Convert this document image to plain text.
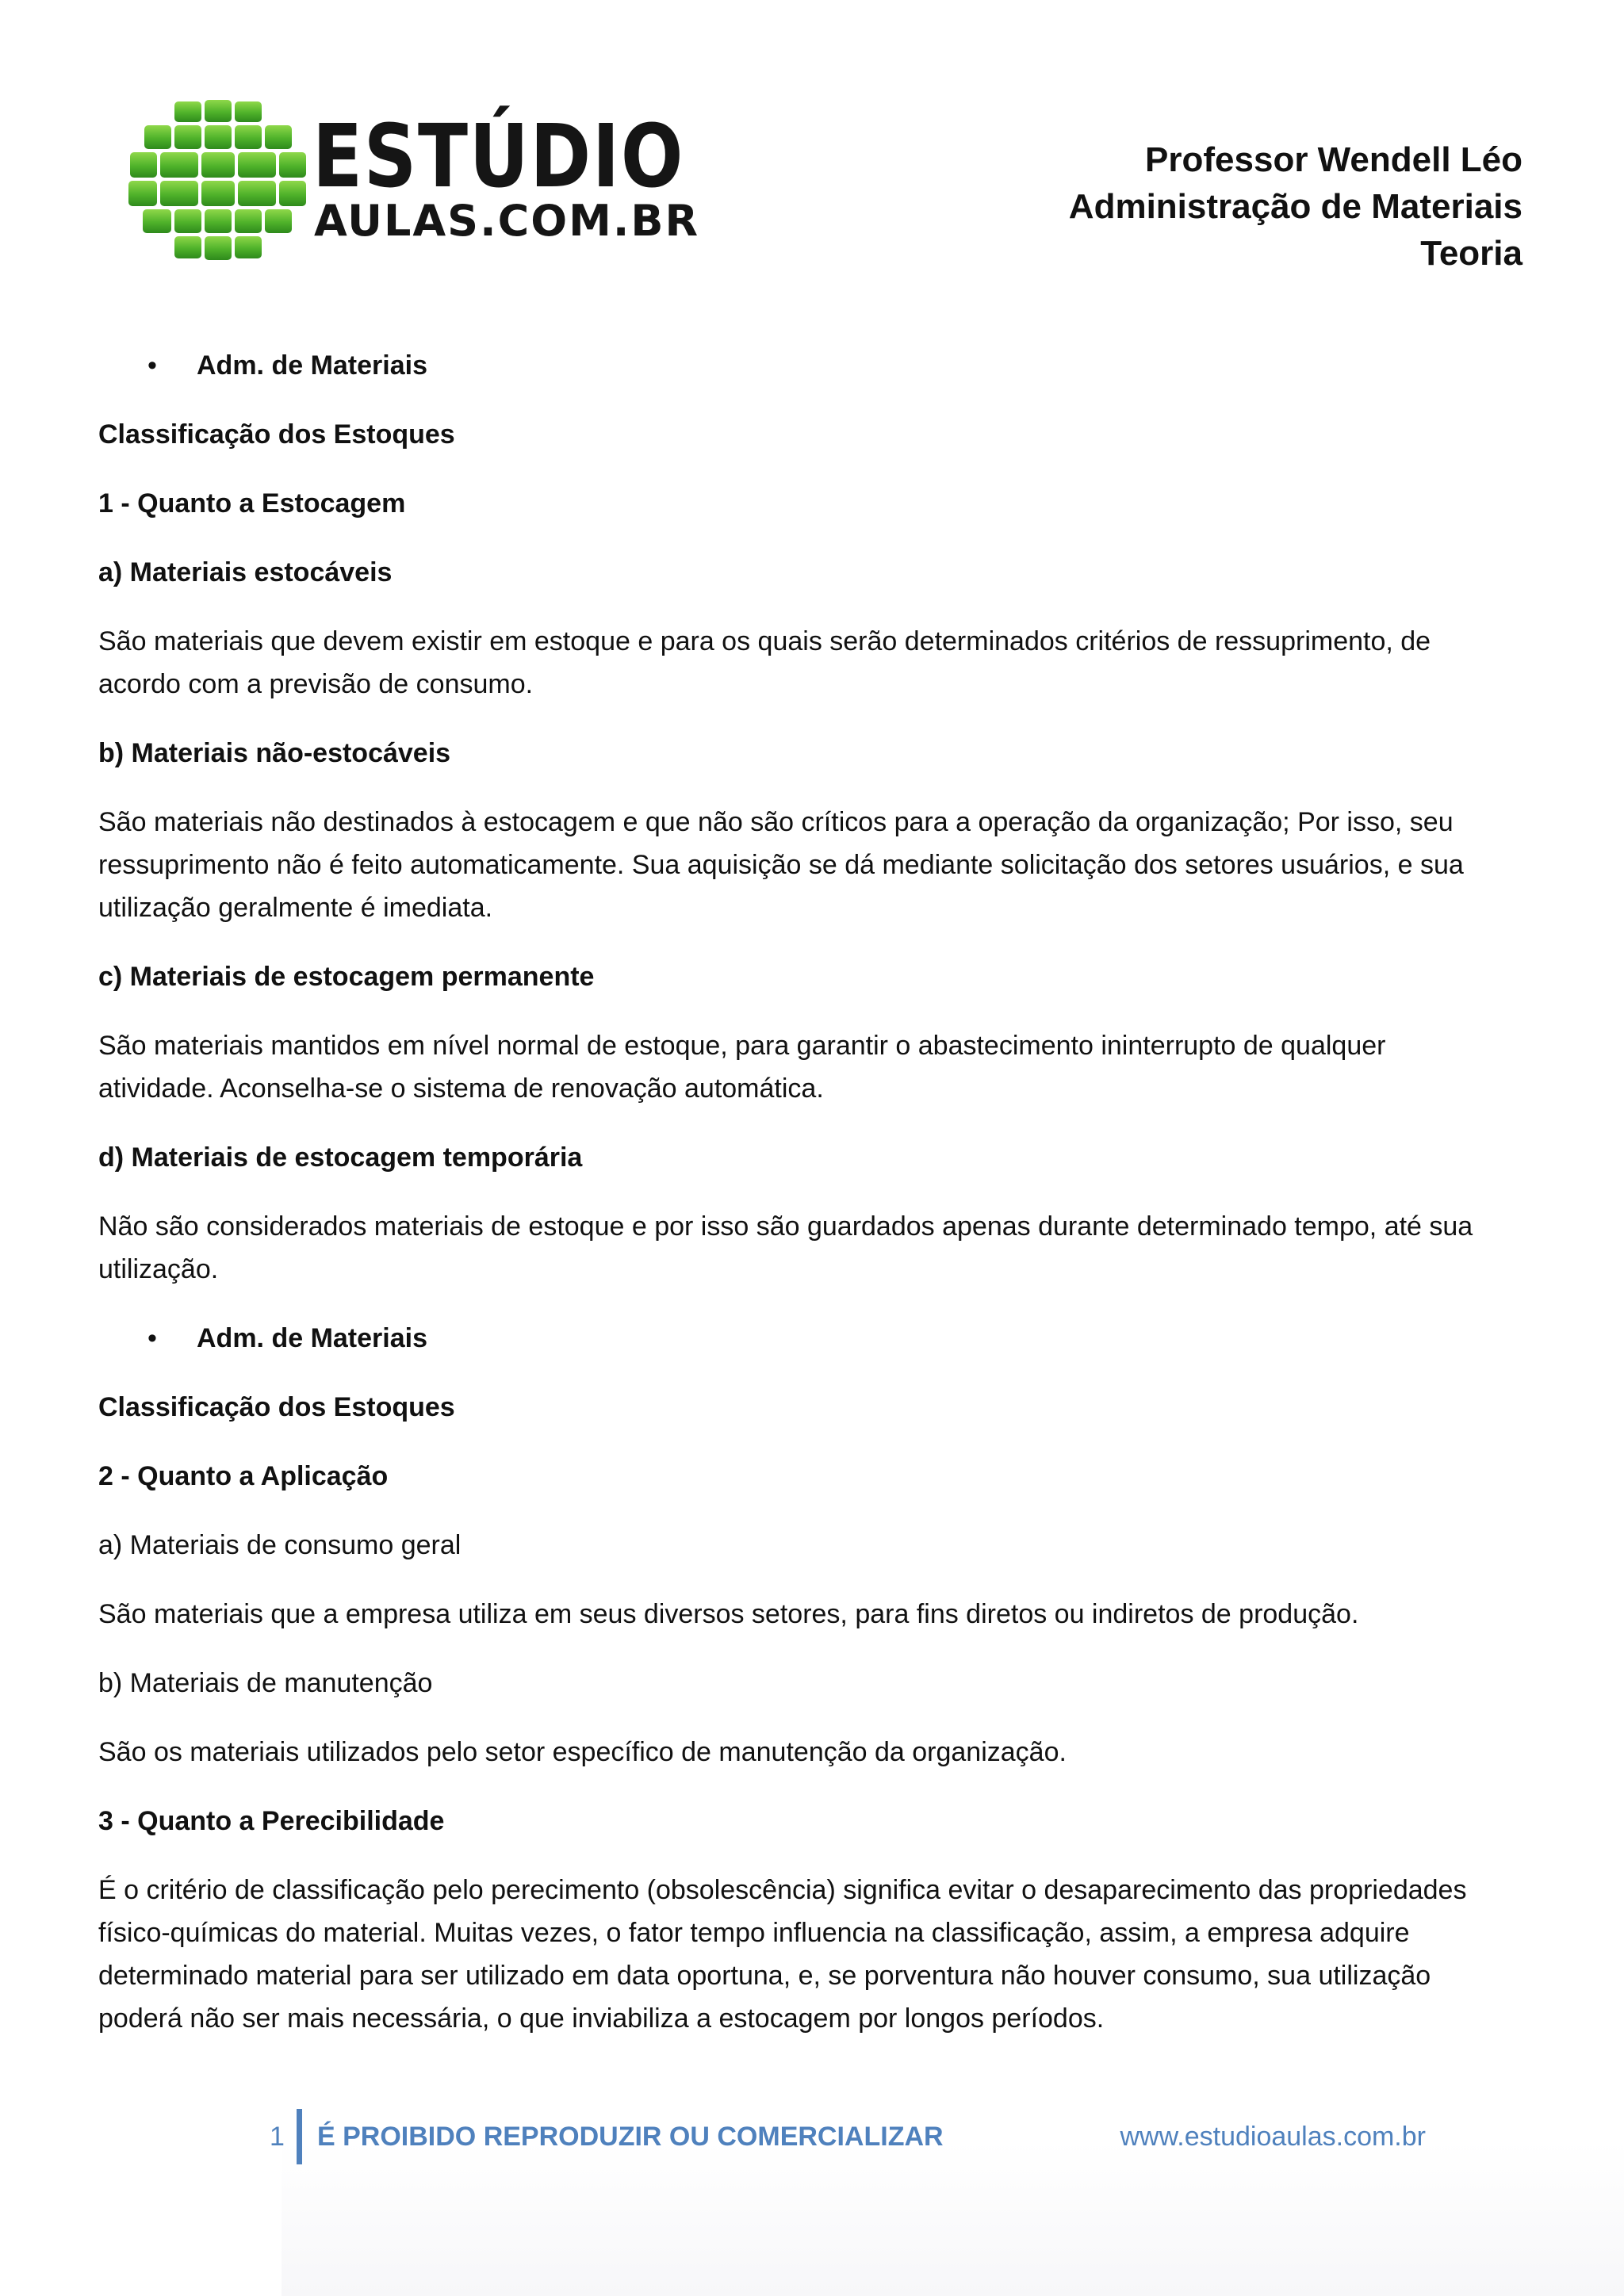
ESTÚDIO
AULAS.COM.BR
Professor Wendell Léo
Administração de Materiais
Teoria
• Adm. de Materiais

Classificação dos Estoques

1 - Quanto a Estocagem

a) Materiais estocáveis

São materiais que devem existir em estoque e para os quais serão determinados critérios de ressuprimento, de acordo com a previsão de consumo.

b) Materiais não-estocáveis

São materiais não destinados à estocagem e que não são críticos para a operação da organização; Por isso, seu ressuprimento não é feito automaticamente. Sua aquisição se dá mediante solicitação dos setores usuários, e sua utilização geralmente é imediata.

c) Materiais de estocagem permanente

São materiais mantidos em nível normal de estoque, para garantir o abastecimento ininterrupto de qualquer atividade. Aconselha-se o sistema de renovação automática.

d) Materiais de estocagem temporária

Não são considerados materiais de estoque e por isso são guardados apenas durante determinado tempo, até sua utilização.

• Adm. de Materiais

Classificação dos Estoques

2 - Quanto a Aplicação

a) Materiais de consumo geral

São materiais que a empresa utiliza em seus diversos setores, para fins diretos ou indiretos de produção.

b) Materiais de manutenção

São os materiais utilizados pelo setor específico de manutenção da organização.

3 - Quanto a Perecibilidade

É o critério de classificação pelo perecimento (obsolescência) significa evitar o desaparecimento das propriedades físico-químicas do material. Muitas vezes, o fator tempo influencia na classificação, assim, a empresa adquire determinado material para ser utilizado em data oportuna, e, se porventura não houver consumo, sua utilização poderá não ser mais necessária, o que inviabiliza a estocagem por longos períodos.

1 É PROIBIDO REPRODUZIR OU COMERCIALIZAR	www.estudioaulas.com.br
